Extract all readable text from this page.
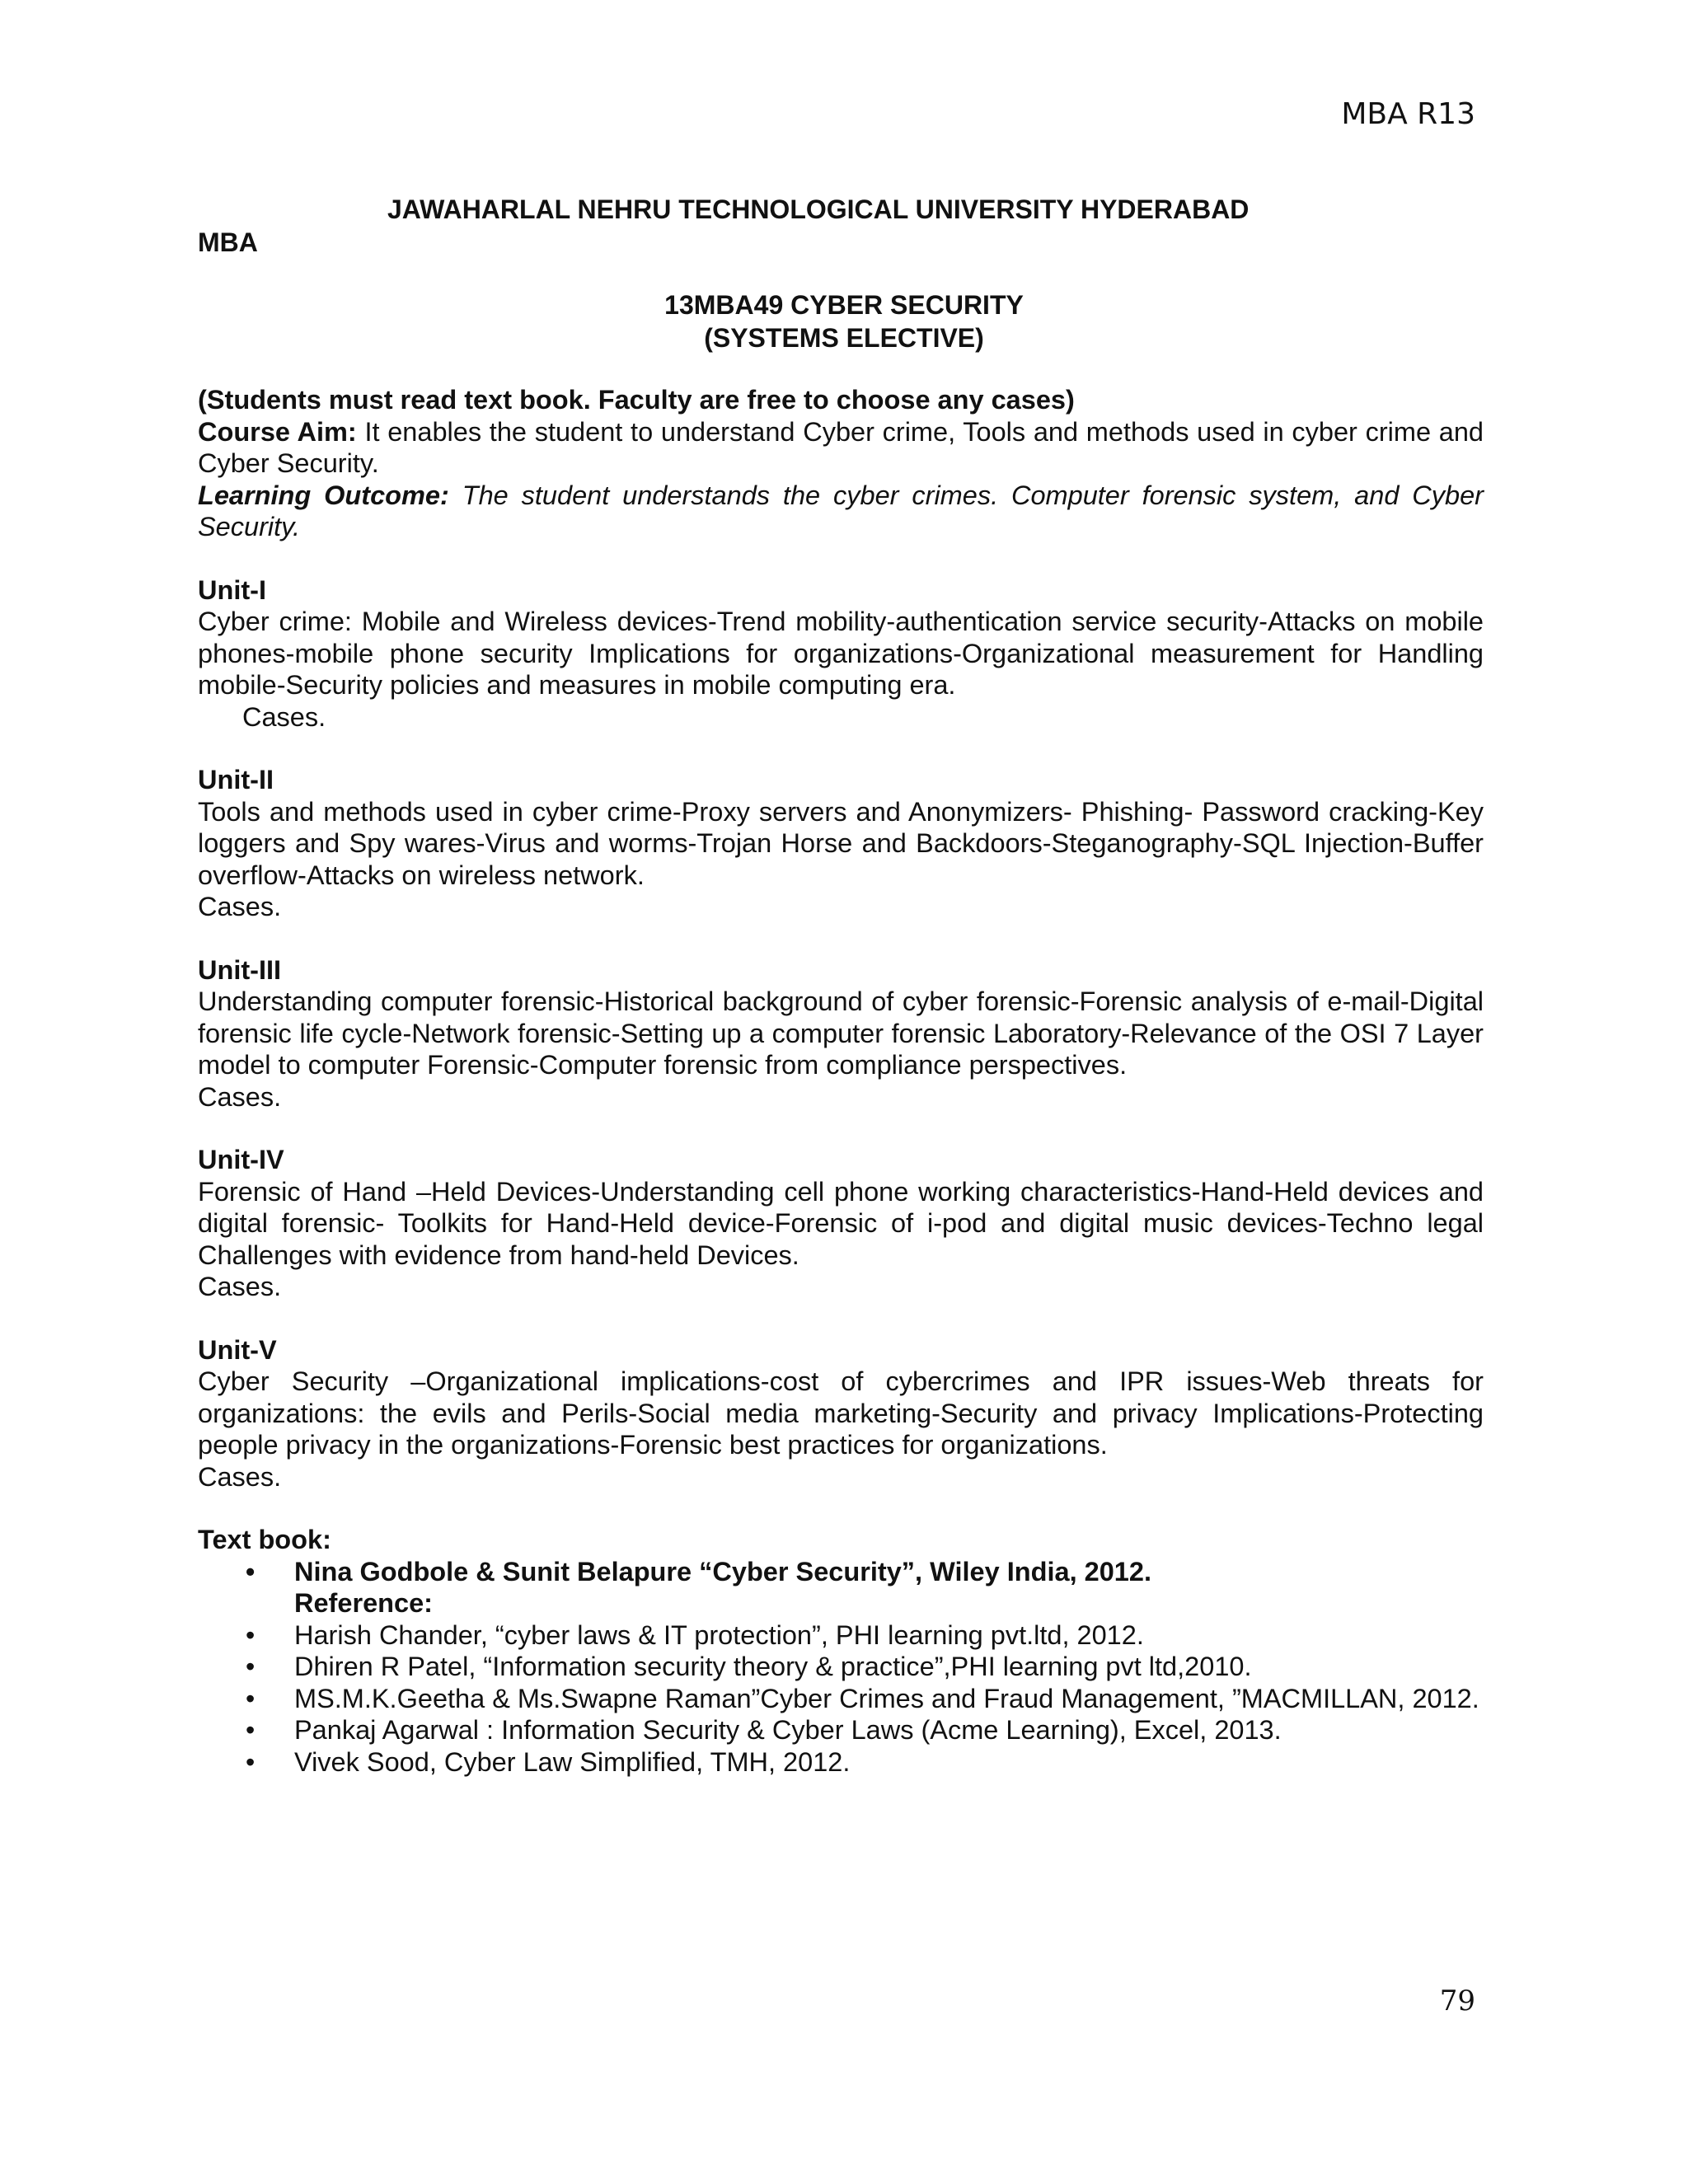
MBA R13
JAWAHARLAL NEHRU TECHNOLOGICAL UNIVERSITY HYDERABAD
MBA
13MBA49 CYBER SECURITY
(SYSTEMS ELECTIVE)

(Students must read text book. Faculty are free to choose any cases)

Course Aim: It enables the student to understand Cyber crime, Tools and methods used in cyber crime and Cyber Security.

Learning Outcome: The student understands the cyber crimes. Computer forensic system, and Cyber Security.

Unit-I

Cyber crime: Mobile and Wireless devices-Trend mobility-authentication service security-Attacks on mobile phones-mobile phone security Implications for organizations-Organizational measurement for Handling mobile-Security policies and measures in mobile computing era.

Cases.
Unit-II

Tools and methods used in cyber crime-Proxy servers and Anonymizers- Phishing- Password cracking-Key loggers and Spy wares-Virus and worms-Trojan Horse and Backdoors-Steganography-SQL Injection-Buffer overflow-Attacks on wireless network.

Cases.
Unit-III

Understanding computer forensic-Historical background of cyber forensic-Forensic analysis of e-mail-Digital forensic life cycle-Network forensic-Setting up a computer forensic Laboratory-Relevance of the OSI 7 Layer model to computer Forensic-Computer forensic from compliance perspectives.

Cases.
Unit-IV

Forensic of Hand –Held Devices-Understanding cell phone working characteristics-Hand-Held devices and digital forensic- Toolkits for Hand-Held device-Forensic of i-pod and digital music devices-Techno legal Challenges with evidence from hand-held Devices.

Cases.
Unit-V

Cyber Security –Organizational implications-cost of cybercrimes and IPR issues-Web threats for organizations: the evils and Perils-Social media marketing-Security and privacy Implications-Protecting people privacy in the organizations-Forensic best practices for organizations.

Cases.
Text book:
• Nina Godbole & Sunit Belapure “Cyber Security”, Wiley India, 2012.
Reference:
• Harish Chander, “cyber laws & IT protection”, PHI learning pvt.ltd, 2012.
• Dhiren R Patel, “Information security theory & practice”,PHI learning pvt ltd,2010.
• MS.M.K.Geetha & Ms.Swapne Raman”Cyber Crimes and Fraud Management, ”MACMILLAN, 2012.
• Pankaj Agarwal : Information Security & Cyber Laws (Acme Learning), Excel, 2013.
• Vivek Sood, Cyber Law Simplified, TMH, 2012.
79
